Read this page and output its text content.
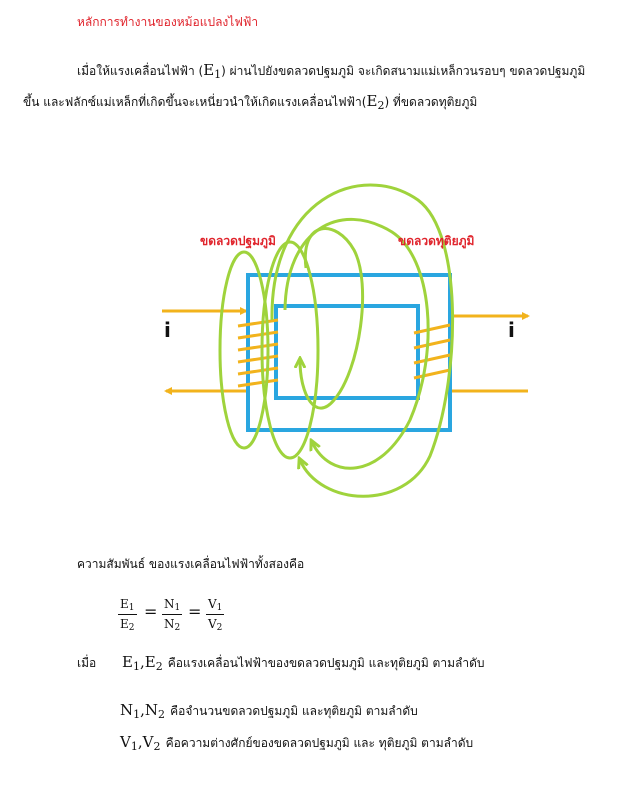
หลักการทำงานของหม้อแปลงไฟฟ้า
เมื่อให้แรงเคลื่อนไฟฟ้า $(E_1)$ ผ่านไปยังขดลวดปฐมภูมิ จะเกิดสนามแม่เหล็กวนรอบๆ ขดลวดปฐมภูมิ
ขึ้น และฟลักซ์แม่เหล็กที่เกิดขึ้นจะเหนี่ยวนำให้เกิดแรงเคลื่อนไฟฟ้า$(E_2)$ ที่ขดลวดทุติยภูมิ
ขดลวดปฐมภูมิ	ขดลวดทุติยภูมิ
i	i
ความสัมพันธ์ ของแรงเคลื่อนไฟฟ้าทั้งสองคือ
$\frac{E1}{E2} = \frac{N1}{N2} = \frac{V1}{V2}$
เมื่อ $E_1,E_2$ คือแรงเคลื่อนไฟฟ้าของขดลวดปฐมภูมิ และทุติยภูมิ ตามลำดับ
$N_1,N_2$ คือจำนวนขดลวดปฐมภูมิ และทุติยภูมิ ตามลำดับ
$V_1,V_2$ คือความต่างศักย์ของขดลวดปฐมภูมิ และ ทุติยภูมิ ตามลำดับ
